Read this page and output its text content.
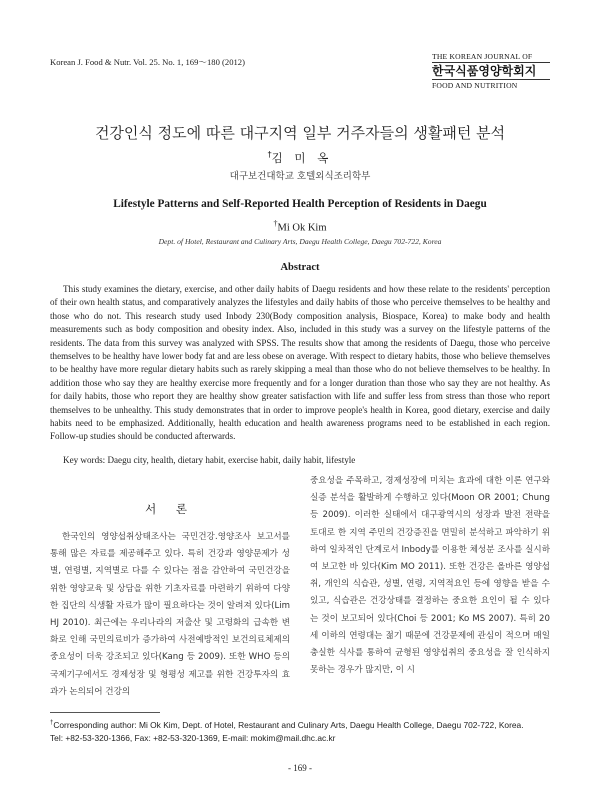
Korean J. Food & Nutr. Vol. 25. No. 1, 169～180 (2012)
THE KOREAN JOURNAL OF
한국식품영양학회지
FOOD AND NUTRITION
건강인식 정도에 따른 대구지역 일부 거주자들의 생활패턴 분석
†김 미 옥
대구보건대학교 호텔외식조리학부
Lifestyle Patterns and Self-Reported Health Perception of Residents in Daegu
†Mi Ok Kim
Dept. of Hotel, Restaurant and Culinary Arts, Daegu Health College, Daegu 702-722, Korea
Abstract

This study examines the dietary, exercise, and other daily habits of Daegu residents and how these relate to the residents' perception of their own health status, and comparatively analyzes the lifestyles and daily habits of those who perceive themselves to be healthy and those who do not. This research study used Inbody 230(Body composition analysis, Biospace, Korea) to make body and health measurements such as body composition and obesity index. Also, included in this study was a survey on the lifestyle patterns of the residents. The data from this survey was analyzed with SPSS. The results show that among the residents of Daegu, those who perceive themselves to be healthy have lower body fat and are less obese on average. With respect to dietary habits, those who believe themselves to be healthy have more regular dietary habits such as rarely skipping a meal than those who do not believe themselves to be healthy. In addition those who say they are healthy exercise more frequently and for a longer duration than those who say they are not healthy. As for daily habits, those who report they are healthy show greater satisfaction with life and suffer less from stress than those who report themselves to be unhealthy. This study demonstrates that in order to improve people's health in Korea, good dietary, exercise and daily habits need to be emphasized. Additionally, health education and health awareness programs need to be established in each region. Follow-up studies should be conducted afterwards.

Key words: Daegu city, health, dietary habit, exercise habit, daily habit, lifestyle
서 론

한국인의 영양섭취상태조사는 국민건강․영양조사 보고서를 통해 많은 자료를 제공해주고 있다. 특히 건강과 영양문제가 성별, 연령별, 지역별로 다를 수 있다는 점을 감안하여 국민건강을 위한 영양교육 및 상담을 위한 기초자료를 마련하기 위하여 다양한 집단의 식생활 자료가 많이 필요하다는 것이 알려져 있다(Lim HJ 2010). 최근에는 우리나라의 저출산 및 고령화의 급속한 변화로 인해 국민의료비가 증가하여 사전예방적인 보건의료체제의 중요성이 더욱 강조되고 있다(Kang 등 2009). 또한 WHO 등의 국제기구에서도 경제성장 및 형평성 제고를 위한 건강투자의 효과가 논의되어 건강의

중요성을 주목하고, 경제성장에 미치는 효과에 대한 이론 연구와 실증 분석을 활발하게 수행하고 있다(Moon OR 2001; Chung 등 2009). 이러한 실태에서 대구광역시의 성장과 발전 전략을 토대로 한 지역 주민의 건강증진을 면밀히 분석하고 파악하기 위하여 일차적인 단계로서 Inbody를 이용한 체성분 조사를 실시하여 보고한 바 있다(Kim MO 2011). 또한 건강은 올바른 영양섭취, 개인의 식습관, 성별, 연령, 지역적요인 등에 영향을 받을 수 있고, 식습관은 건강상태를 결정하는 중요한 요인이 될 수 있다는 것이 보고되어 있다(Choi 등 2001; Ko MS 2007). 특히 20세 이하의 연령대는 젊기 때문에 건강문제에 관심이 적으며 매일 충실한 식사를 통하여 균형된 영양섭취의 중요성을 잘 인식하지 못하는 경우가 많지만, 이 시

†Corresponding author: Mi Ok Kim, Dept. of Hotel, Restaurant and Culinary Arts, Daegu Health College, Daegu 702-722, Korea.
Tel: +82-53-320-1366, Fax: +82-53-320-1369, E-mail: mokim@mail.dhc.ac.kr
- 169 -
